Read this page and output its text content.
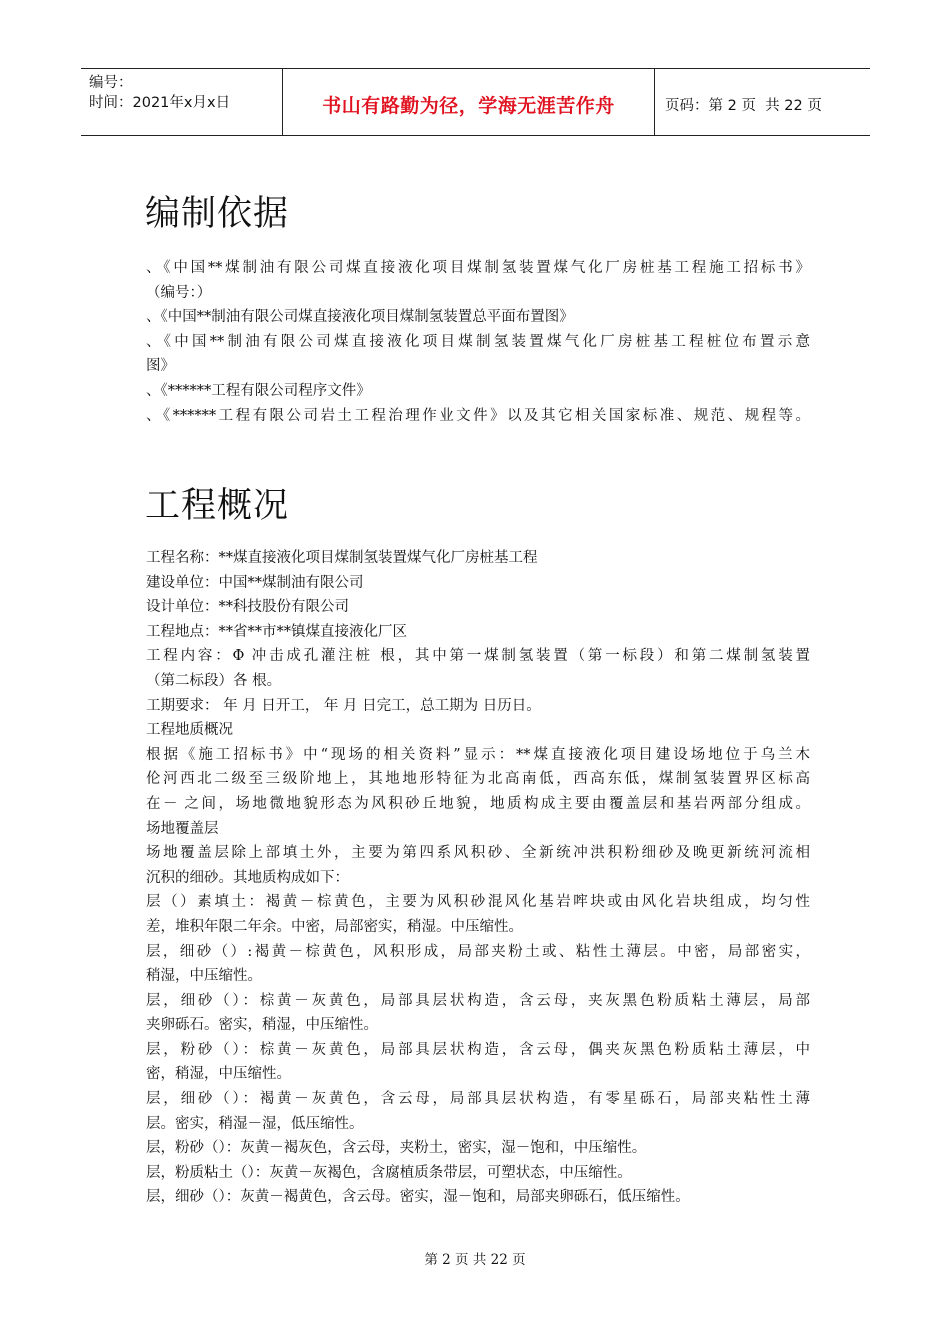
编号：
时间：2021年x月x日	书山有路勤为径，学海无涯苦作舟	页码：第 2 页  共 22 页
编制依据
、《中国**煤制油有限公司煤直接液化项目煤制氢装置煤气化厂房桩基工程施工招标书》
（编号：）
、《中国**制油有限公司煤直接液化项目煤制氢装置总平面布置图》
、《中国**制油有限公司煤直接液化项目煤制氢装置煤气化厂房桩基工程桩位布置示意
图》
、《******工程有限公司程序文件》
、《******工程有限公司岩土工程治理作业文件》以及其它相关国家标准、规范、规程等。
工程概况
工程名称：**煤直接液化项目煤制氢装置煤气化厂房桩基工程
建设单位：中国**煤制油有限公司
设计单位：**科技股份有限公司
工程地点：**省**市**镇煤直接液化厂区
工程内容：Φ 冲击成孔灌注桩 根，其中第一煤制氢装置（第一标段）和第二煤制氢装置
（第二标段）各 根。
工期要求： 年 月 日开工， 年 月 日完工，总工期为 日历日。
工程地质概况
根据《施工招标书》中“现场的相关资料”显示：**煤直接液化项目建设场地位于乌兰木
伦河西北二级至三级阶地上，其地地形特征为北高南低，西高东低，煤制氢装置界区标高
在－ 之间，场地微地貌形态为风积砂丘地貌，地质构成主要由覆盖层和基岩两部分组成。
场地覆盖层
场地覆盖层除上部填土外，主要为第四系风积砂、全新统冲洪积粉细砂及晚更新统河流相
沉积的细砂。其地质构成如下：
层（）素填土：褐黄－棕黄色，主要为风积砂混风化基岩哰块或由风化岩块组成，均匀性
差，堆积年限二年余。中密，局部密实，稍湿。中压缩性。
层，细砂（）:褐黄－棕黄色，风积形成，局部夹粉土或、粘性土薄层。中密，局部密实，
稍湿，中压缩性。
层，细砂（）：棕黄－灰黄色，局部具层状构造，含云母，夹灰黑色粉质粘土薄层，局部
夹卵砾石。密实，稍湿，中压缩性。
层，粉砂（）：棕黄－灰黄色，局部具层状构造，含云母，偶夹灰黑色粉质粘土薄层，中
密，稍湿，中压缩性。
层，细砂（）：褐黄－灰黄色，含云母，局部具层状构造，有零星砾石，局部夹粘性土薄
层。密实，稍湿－湿，低压缩性。
层，粉砂（）：灰黄－褐灰色，含云母，夹粉土，密实，湿－饱和，中压缩性。
层，粉质粘土（）：灰黄－灰褐色，含腐植质条带层，可塑状态，中压缩性。
层，细砂（）：灰黄－褐黄色，含云母。密实，湿－饱和，局部夹卵砾石，低压缩性。
第 2 页 共 22 页
